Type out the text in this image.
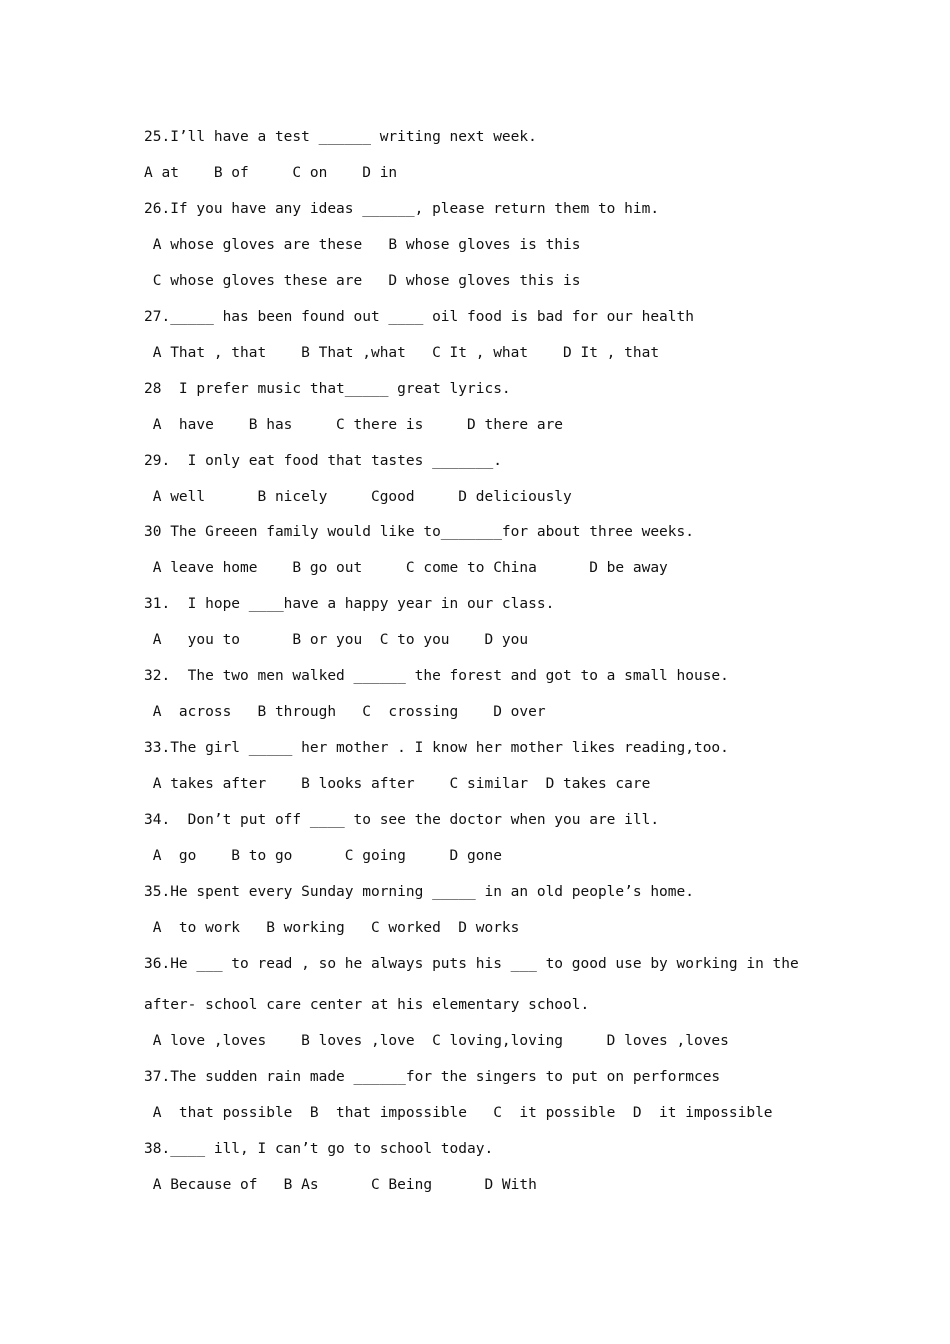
25.I’ll have a test ______ writing next week.
A at    B of     C on    D in
26.If you have any ideas ______, please return them to him.
A whose gloves are these   B whose gloves is this
C whose gloves these are   D whose gloves this is
27._____ has been found out ____ oil food is bad for our health
A That , that    B That ,what   C It , what    D It , that
28  I prefer music that_____ great lyrics.
A  have    B has     C there is     D there are
29.  I only eat food that tastes _______.
A well      B nicely     Cgood     D deliciously
30 The Greeen family would like to_______for about three weeks.
A leave home    B go out     C come to China      D be away
31.  I hope ____have a happy year in our class.
A   you to      B or you  C to you    D you
32.  The two men walked ______ the forest and got to a small house.
A  across   B through   C  crossing    D over
33.The girl _____ her mother . I know her mother likes reading,too.
A takes after    B looks after    C similar  D takes care
34.  Don’t put off ____ to see the doctor when you are ill.
A  go    B to go      C going     D gone
35.He spent every Sunday morning _____ in an old people’s home.
A  to work   B working   C worked  D works
36.He ___ to read , so he always puts his ___ to good use by working in the
after- school care center at his elementary school.
A love ,loves    B loves ,love  C loving,loving     D loves ,loves
37.The sudden rain made ______for the singers to put on performces
A  that possible  B  that impossible   C  it possible  D  it impossible
38.____ ill, I can’t go to school today.
A Because of   B As      C Being      D With
